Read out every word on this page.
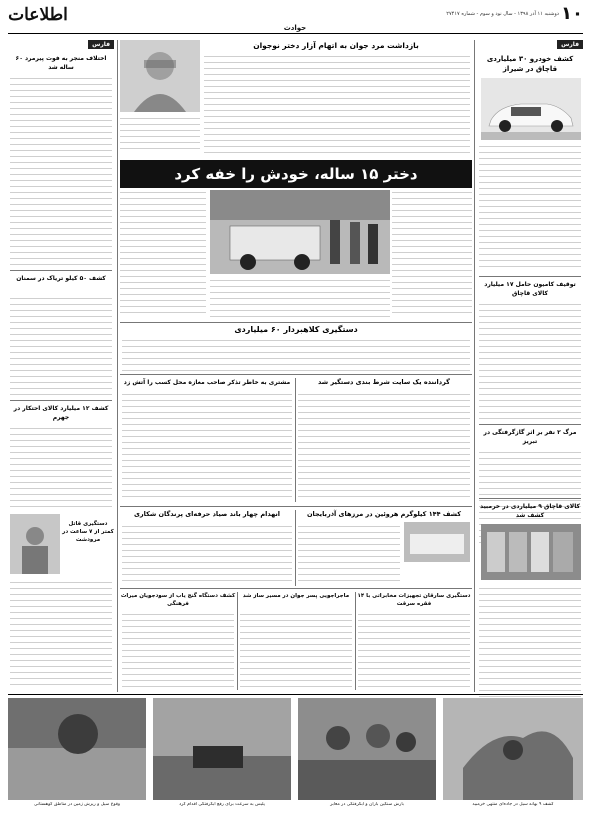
اطلاعات	۱۰
دوشنبه ۱۱ آذر ۱۳۹۸ - سال نود و سوم - شماره ۲۷۴۱۷
حوادث
فارس
کشف خودرو ۳۰ میلیاردی قاچاق در شیراز
توقیف کامیون حامل ۱۷ میلیارد کالای قاچاق
مرگ ۲ نفر بر اثر گازگرفتگی در تبریز
کالای قاچاق ۹ میلیاردی در خرمبید کشف شد
فارس
اختلاف منجر به فوت پیرمرد ۶۰ ساله شد
کشف ۵۰ کیلو تریاک در سمنان
کشف ۱۲ میلیارد کالای احتکار در جهرم
دستگیری قاتل کمتر از ۷ ساعت در مرودشت
بازداشت مرد جوان به اتهام آزار دختر نوجوان
دختر ۱۵ ساله، خودش را خفه کرد
دستگیری کلاهبردار ۶۰ میلیاردی
گرداننده یک سایت شرط بندی دستگیر شد
مشتری به خاطر تذکر صاحب مغازه محل کسب را آتش زد
کشف ۱۴۴ کیلوگرم هروئین در مرزهای آذربایجان
انهدام چهار باند صیاد حرفه‌ای پرندگان شکاری
دستگیری سارقان تجهیزات مخابراتی با ۱۴ فقره سرقت
ماجراجویی پسر جوان در مسیر ساز شد
کشف دستگاه گنج یاب از سودجویان میراث فرهنگی
وقوع سیل و ریزش زمین در مناطق کوهستانی	پلیس به سرعت برای رفع آبگرفتگی اقدام کرد	بارش سنگین باران و آبگرفتگی در معابر	کشف ۹ بهانه سیل در جاده‌ای منتهی خرمبید
